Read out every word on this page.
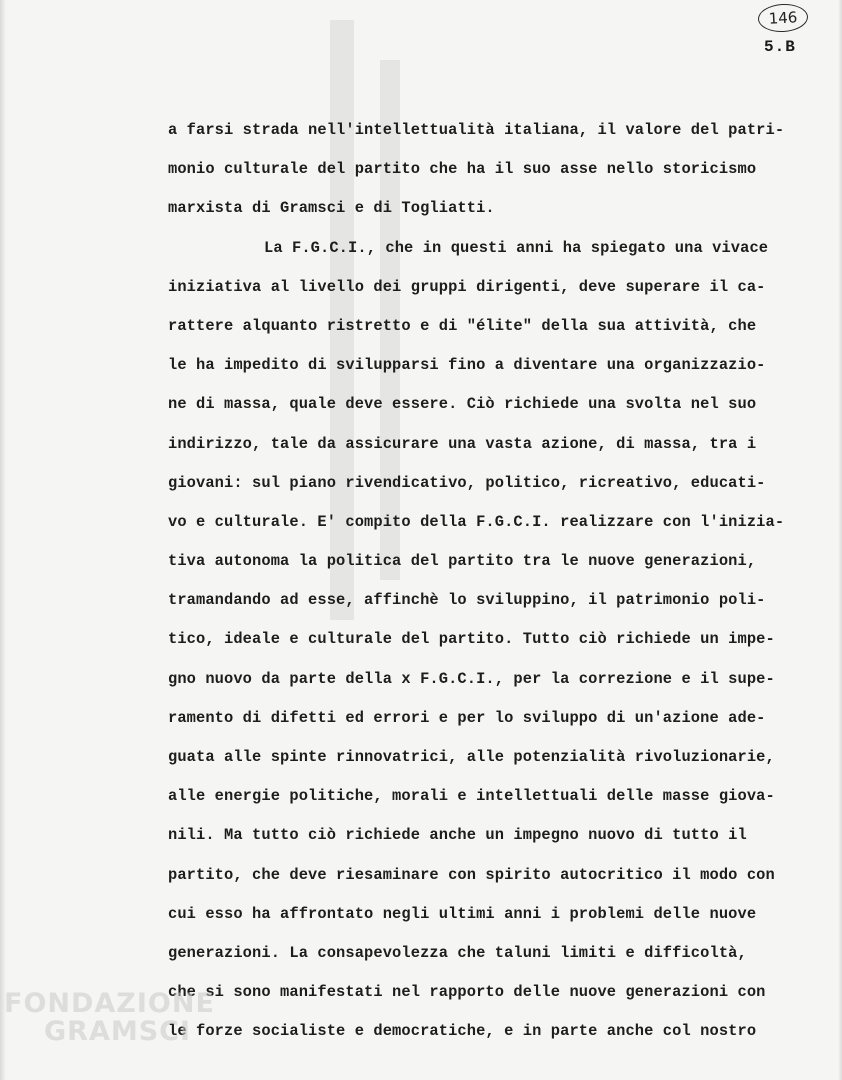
146
5.B
a farsi strada nell'intellettualità italiana, il valore del patri-
monio culturale del partito che ha il suo asse nello storicismo
marxista di Gramsci e di Togliatti.
La F.G.C.I., che in questi anni ha spiegato una vivace
iniziativa al livello dei gruppi dirigenti, deve superare il ca-
rattere alquanto ristretto e di "élite" della sua attività, che
le ha impedito di svilupparsi fino a diventare una organizzazio-
ne di massa, quale deve essere. Ciò richiede una svolta nel suo
indirizzo, tale da assicurare una vasta azione, di massa, tra i
giovani: sul piano rivendicativo, politico, ricreativo, educati-
vo e culturale. E' compito della F.G.C.I. realizzare con l'inizia-
tiva autonoma la politica del partito tra le nuove generazioni,
tramandando ad esse, affinchè lo sviluppino, il patrimonio poli-
tico, ideale e culturale del partito. Tutto ciò richiede un impe-
gno nuovo da parte della x F.G.C.I., per la correzione e il supe-
ramento di difetti ed errori e per lo sviluppo di un'azione ade-
guata alle spinte rinnovatrici, alle potenzialità rivoluzionarie,
alle energie politiche, morali e intellettuali delle masse giova-
nili. Ma tutto ciò richiede anche un impegno nuovo di tutto il
partito, che deve riesaminare con spirito autocritico il modo con
cui esso ha affrontato negli ultimi anni i problemi delle nuove
generazioni. La consapevolezza che taluni limiti e difficoltà,
che si sono manifestati nel rapporto delle nuove generazioni con
le forze socialiste e democratiche, e in parte anche col nostro
FONDAZIONE
GRAMSCI
